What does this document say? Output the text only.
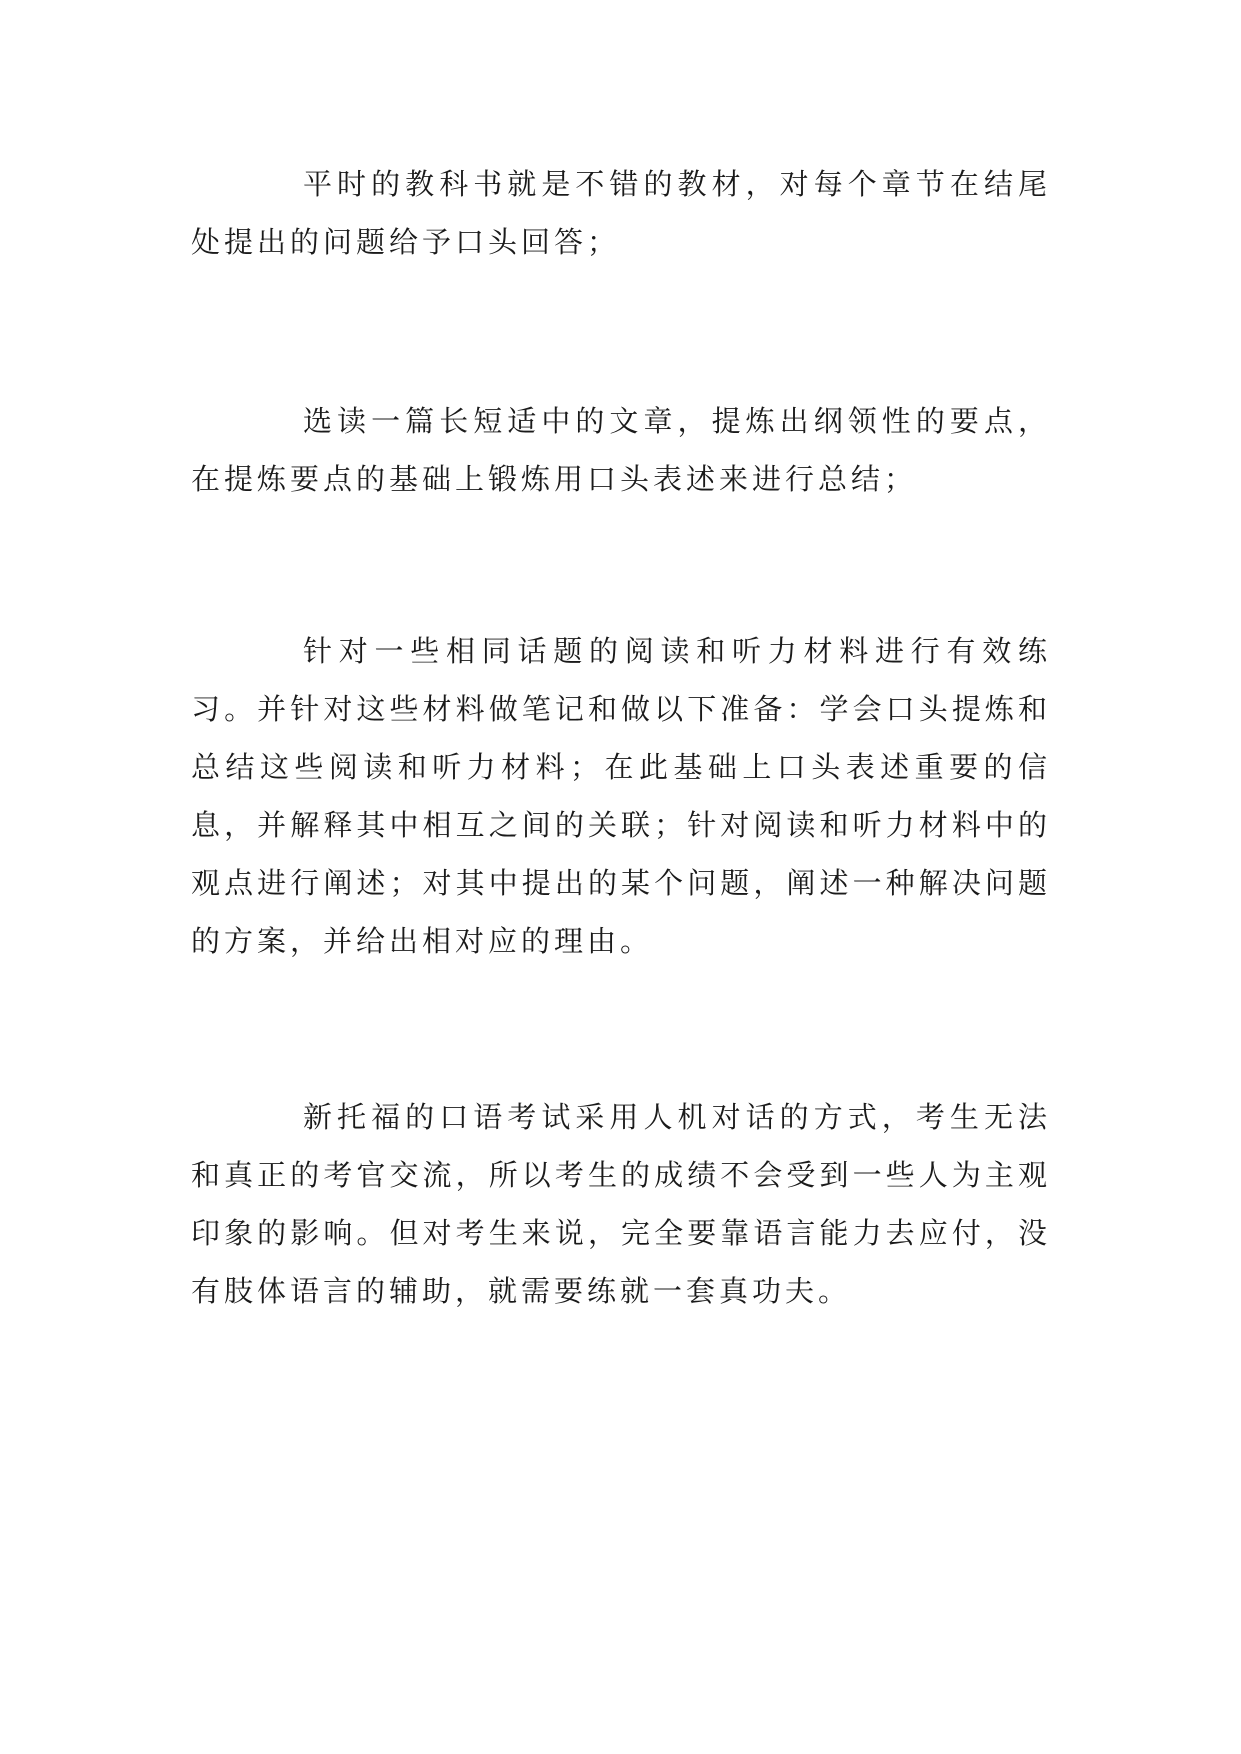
平时的教科书就是不错的教材，对每个章节在结尾处提出的问题给予口头回答；

选读一篇长短适中的文章，提炼出纲领性的要点，在提炼要点的基础上锻炼用口头表述来进行总结；

针对一些相同话题的阅读和听力材料进行有效练习。并针对这些材料做笔记和做以下准备：学会口头提炼和总结这些阅读和听力材料；在此基础上口头表述重要的信息，并解释其中相互之间的关联；针对阅读和听力材料中的观点进行阐述；对其中提出的某个问题，阐述一种解决问题的方案，并给出相对应的理由。

新托福的口语考试采用人机对话的方式，考生无法和真正的考官交流，所以考生的成绩不会受到一些人为主观印象的影响。但对考生来说，完全要靠语言能力去应付，没有肢体语言的辅助，就需要练就一套真功夫。
